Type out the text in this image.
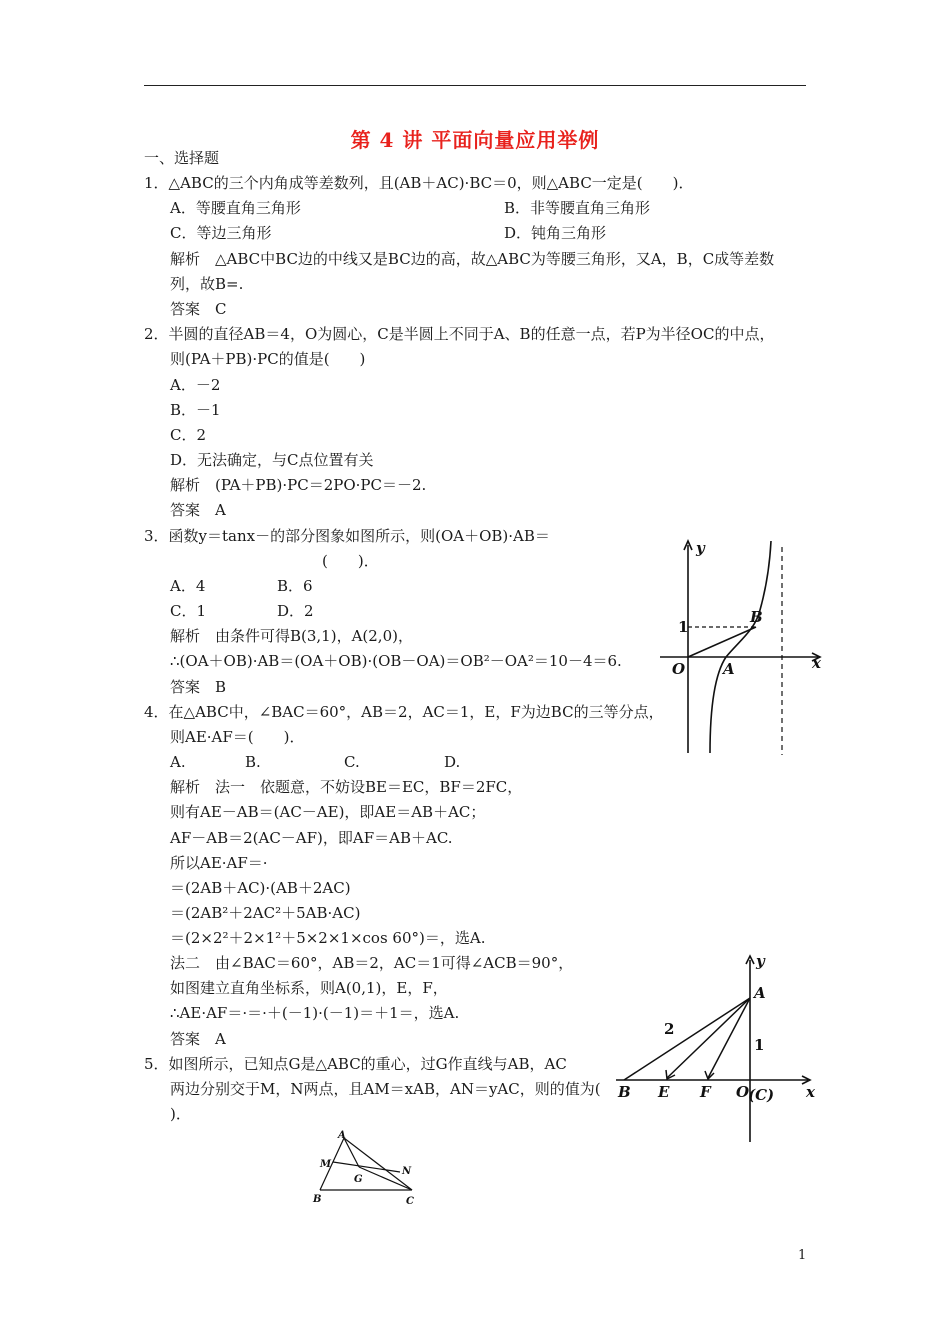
第 4 讲 平面向量应用举例
一、选择题
1．△ABC的三个内角成等差数列，且(AB＋AC)·BC＝0，则△ABC一定是(　　)．
A．等腰直角三角形	B．非等腰直角三角形
C．等边三角形	D．钝角三角形
解析　△ABC中BC边的中线又是BC边的高，故△ABC为等腰三角形，又A，B，C成等差数
列，故B=.
答案　C
2．半圆的直径AB＝4，O为圆心，C是半圆上不同于A、B的任意一点，若P为半径OC的中点，
则(PA＋PB)·PC的值是(　　)
A．－2
B．－1
C．2
D．无法确定，与C点位置有关
解析　(PA＋PB)·PC＝2PO·PC＝－2.
答案　A
3．函数y＝tanx－的部分图象如图所示，则(OA＋OB)·AB＝
(　　)．
A．4	B．6
C．1	D．2
解析　由条件可得B(3,1)，A(2,0)，
∴(OA＋OB)·AB＝(OA＋OB)·(OB－OA)＝OB²－OA²＝10－4＝6.
答案　B
4．在△ABC中，∠BAC＝60°，AB＝2，AC＝1，E，F为边BC的三等分点，
则AE·AF＝(　　)．
A.	B.	C.	D.
解析　法一　依题意，不妨设BE＝EC，BF＝2FC，
则有AE－AB＝(AC－AE)，即AE＝AB＋AC；
AF－AB＝2(AC－AF)，即AF＝AB＋AC.
所以AE·AF＝·
＝(2AB＋AC)·(AB＋2AC)
＝(2AB²＋2AC²＋5AB·AC)
＝(2×2²＋2×1²＋5×2×1×cos 60°)＝，选A.
法二　由∠BAC＝60°，AB＝2，AC＝1可得∠ACB＝90°，
如图建立直角坐标系，则A(0,1)，E，F，
∴AE·AF＝·＝·＋(－1)·(－1)＝＋1＝，选A.
答案　A
5．如图所示，已知点G是△ABC的重心，过G作直线与AB，AC
两边分别交于M，N两点，且AM＝xAB，AN＝yAC，则的值为(
)．
y
x
B
A
O
1
y
A
B E F O
(C) x
2
1
A
M
N
G
B	C
1
